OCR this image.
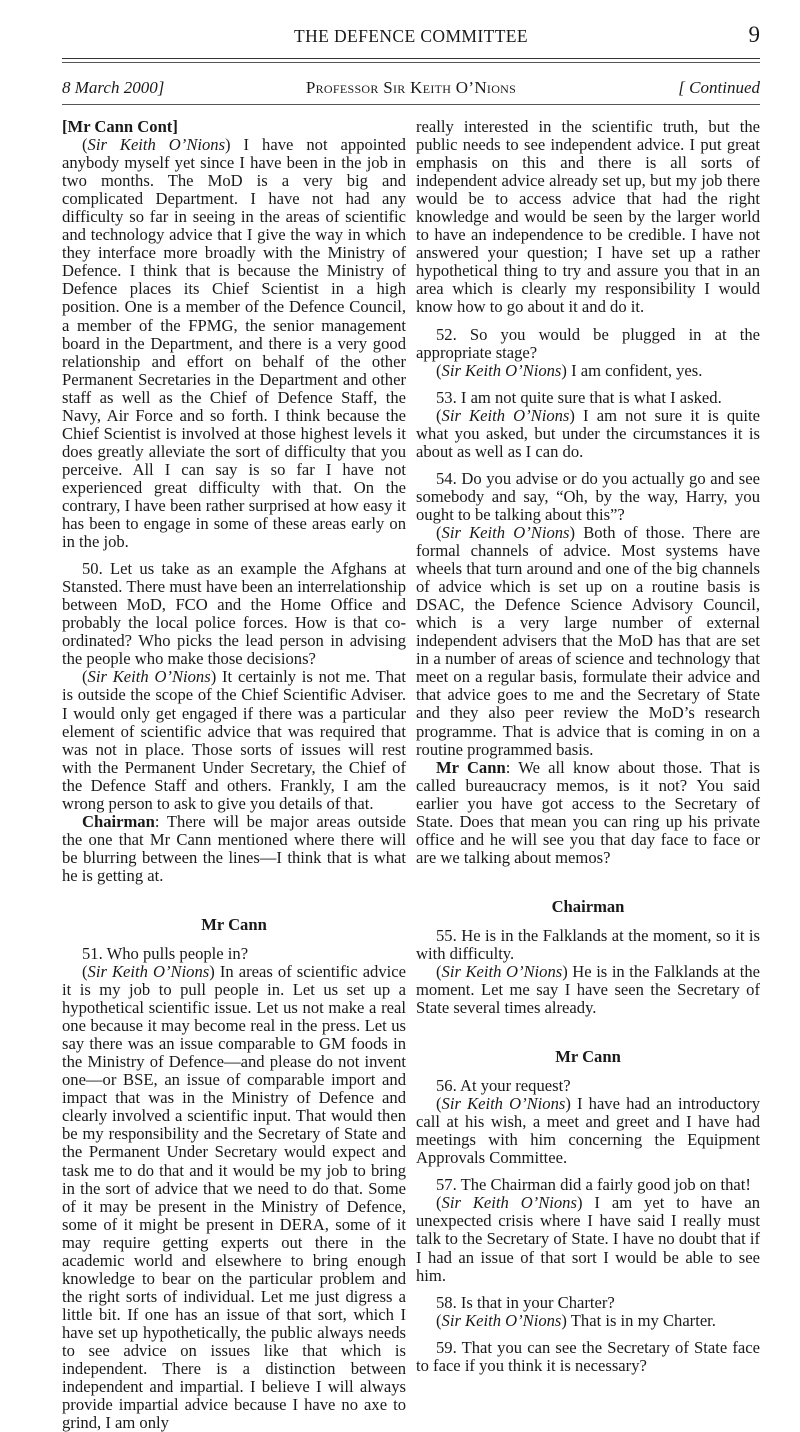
THE DEFENCE COMMITTEE	9
8 March 2000]	Professor Sir Keith O’Nions	[ Continued

[Mr Cann Cont]

(Sir Keith O’Nions) I have not appointed anybody myself yet since I have been in the job in two months. The MoD is a very big and complicated Department. I have not had any difficulty so far in seeing in the areas of scientific and technology advice that I give the way in which they interface more broadly with the Ministry of Defence. I think that is because the Ministry of Defence places its Chief Scientist in a high position. One is a member of the Defence Council, a member of the FPMG, the senior management board in the Department, and there is a very good relationship and effort on behalf of the other Permanent Secretaries in the Department and other staff as well as the Chief of Defence Staff, the Navy, Air Force and so forth. I think because the Chief Scientist is involved at those highest levels it does greatly alleviate the sort of difficulty that you perceive. All I can say is so far I have not experienced great difficulty with that. On the contrary, I have been rather surprised at how easy it has been to engage in some of these areas early on in the job.

50. Let us take as an example the Afghans at Stansted. There must have been an interrelationship between MoD, FCO and the Home Office and probably the local police forces. How is that co-ordinated? Who picks the lead person in advising the people who make those decisions?

(Sir Keith O’Nions) It certainly is not me. That is outside the scope of the Chief Scientific Adviser. I would only get engaged if there was a particular element of scientific advice that was required that was not in place. Those sorts of issues will rest with the Permanent Under Secretary, the Chief of the Defence Staff and others. Frankly, I am the wrong person to ask to give you details of that.

Chairman: There will be major areas outside the one that Mr Cann mentioned where there will be blurring between the lines—I think that is what he is getting at.

Mr Cann

51. Who pulls people in?

(Sir Keith O’Nions) In areas of scientific advice it is my job to pull people in. Let us set up a hypothetical scientific issue. Let us not make a real one because it may become real in the press. Let us say there was an issue comparable to GM foods in the Ministry of Defence—and please do not invent one—or BSE, an issue of comparable import and impact that was in the Ministry of Defence and clearly involved a scientific input. That would then be my responsibility and the Secretary of State and the Permanent Under Secretary would expect and task me to do that and it would be my job to bring in the sort of advice that we need to do that. Some of it may be present in the Ministry of Defence, some of it might be present in DERA, some of it may require getting experts out there in the academic world and elsewhere to bring enough knowledge to bear on the particular problem and the right sorts of individual. Let me just digress a little bit. If one has an issue of that sort, which I have set up hypothetically, the public always needs to see advice on issues like that which is independent. There is a distinction between independent and impartial. I believe I will always provide impartial advice because I have no axe to grind, I am only

really interested in the scientific truth, but the public needs to see independent advice. I put great emphasis on this and there is all sorts of independent advice already set up, but my job there would be to access advice that had the right knowledge and would be seen by the larger world to have an independence to be credible. I have not answered your question; I have set up a rather hypothetical thing to try and assure you that in an area which is clearly my responsibility I would know how to go about it and do it.

52. So you would be plugged in at the appropriate stage?

(Sir Keith O’Nions) I am confident, yes.

53. I am not quite sure that is what I asked.

(Sir Keith O’Nions) I am not sure it is quite what you asked, but under the circumstances it is about as well as I can do.

54. Do you advise or do you actually go and see somebody and say, “Oh, by the way, Harry, you ought to be talking about this”?

(Sir Keith O’Nions) Both of those. There are formal channels of advice. Most systems have wheels that turn around and one of the big channels of advice which is set up on a routine basis is DSAC, the Defence Science Advisory Council, which is a very large number of external independent advisers that the MoD has that are set in a number of areas of science and technology that meet on a regular basis, formulate their advice and that advice goes to me and the Secretary of State and they also peer review the MoD’s research programme. That is advice that is coming in on a routine programmed basis.

Mr Cann: We all know about those. That is called bureaucracy memos, is it not? You said earlier you have got access to the Secretary of State. Does that mean you can ring up his private office and he will see you that day face to face or are we talking about memos?

Chairman

55. He is in the Falklands at the moment, so it is with difficulty.

(Sir Keith O’Nions) He is in the Falklands at the moment. Let me say I have seen the Secretary of State several times already.

Mr Cann

56. At your request?

(Sir Keith O’Nions) I have had an introductory call at his wish, a meet and greet and I have had meetings with him concerning the Equipment Approvals Committee.

57. The Chairman did a fairly good job on that!

(Sir Keith O’Nions) I am yet to have an unexpected crisis where I have said I really must talk to the Secretary of State. I have no doubt that if I had an issue of that sort I would be able to see him.

58. Is that in your Charter?

(Sir Keith O’Nions) That is in my Charter.

59. That you can see the Secretary of State face to face if you think it is necessary?
